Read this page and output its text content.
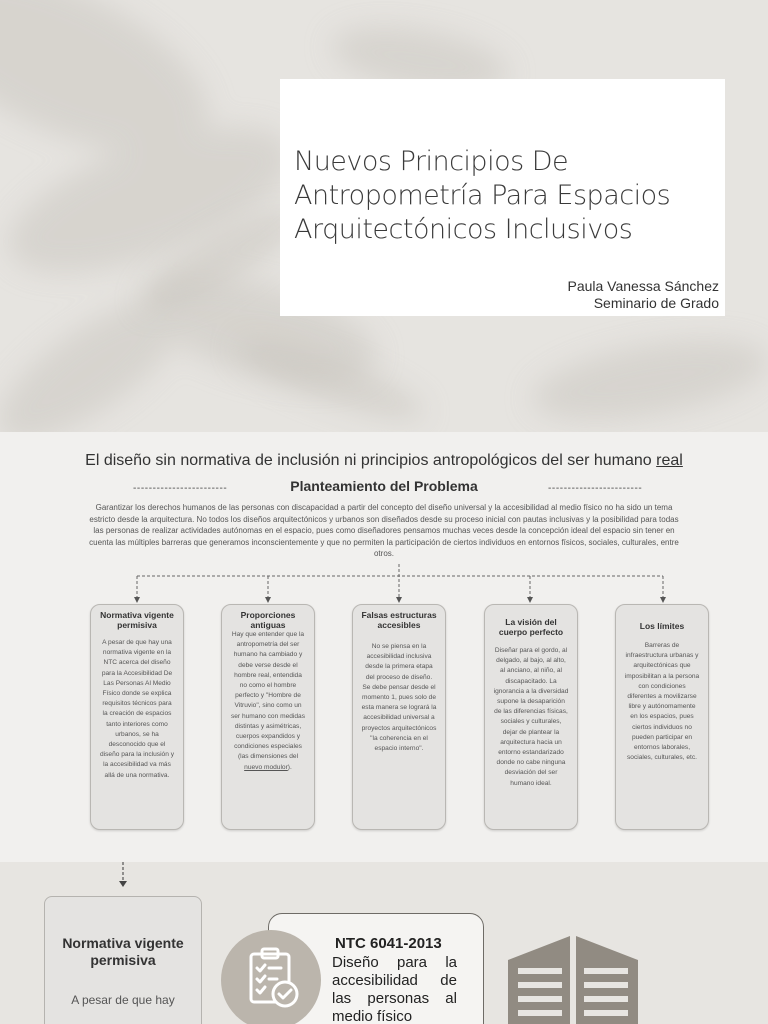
Nuevos Principios De Antropometría Para Espacios Arquitectónicos Inclusivos
Paula Vanessa Sánchez
Seminario de Grado
El diseño sin normativa de inclusión ni principios antropológicos del ser humano real
------------------------	Planteamiento del Problema	------------------------

Garantizar los derechos humanos de las personas con discapacidad a partir del concepto del diseño universal y la accesibilidad al medio físico no ha sido un tema estricto desde la arquitectura. No todos los diseños arquitectónicos y urbanos son diseñados desde su proceso inicial con pautas inclusivas y la posibilidad para todas las personas de realizar actividades autónomas en el espacio, pues como diseñadores pensamos muchas veces desde la concepción ideal del espacio sin tener en cuenta las múltiples barreras que generamos inconscientemente y que no permiten la participación de ciertos individuos en entornos físicos, sociales, culturales, entre otros.

Normativa vigente permisiva
A pesar de que hay una normativa vigente en la NTC acerca del diseño para la Accesibilidad De Las Personas Al Medio Físico donde se explica requisitos técnicos para la creación de espacios tanto interiores como urbanos, se ha desconocido que el diseño para la inclusión y la accesibilidad va más allá de una normativa.
Proporciones antiguas
Hay que entender que la antropometría del ser humano ha cambiado y debe verse desde el hombre real, entendida no como el hombre perfecto y "Hombre de Vitruvio", sino como un ser humano con medidas distintas y asimétricas, cuerpos expandidos y condiciones especiales (las dimensiones del nuevo modulor).
Falsas estructuras accesibles
No se piensa en la accesibilidad inclusiva desde la primera etapa del proceso de diseño. Se debe pensar desde el momento 1, pues solo de esta manera se logrará la accesibilidad universal a proyectos arquitectónicos "la coherencia en el espacio interno".
La visión del cuerpo perfecto
Diseñar para el gordo, al delgado, al bajo, al alto, al anciano, al niño, al discapacitado. La ignorancia a la diversidad supone la desaparición de las diferencias físicas, sociales y culturales, dejar de plantear la arquitectura hacia un entorno estandarizado donde no cabe ninguna desviación del ser humano ideal.
Los límites
Barreras de infraestructura urbanas y arquitectónicas que imposibilitan a la persona con condiciones diferentes a movilizarse libre y autónomamente en los espacios, pues ciertos individuos no pueden participar en entornos laborales, sociales, culturales, etc.
Normativa vigente permisiva
A pesar de que hay
NTC 6041-2013
Diseño para la accesibilidad de las personas al medio físico
